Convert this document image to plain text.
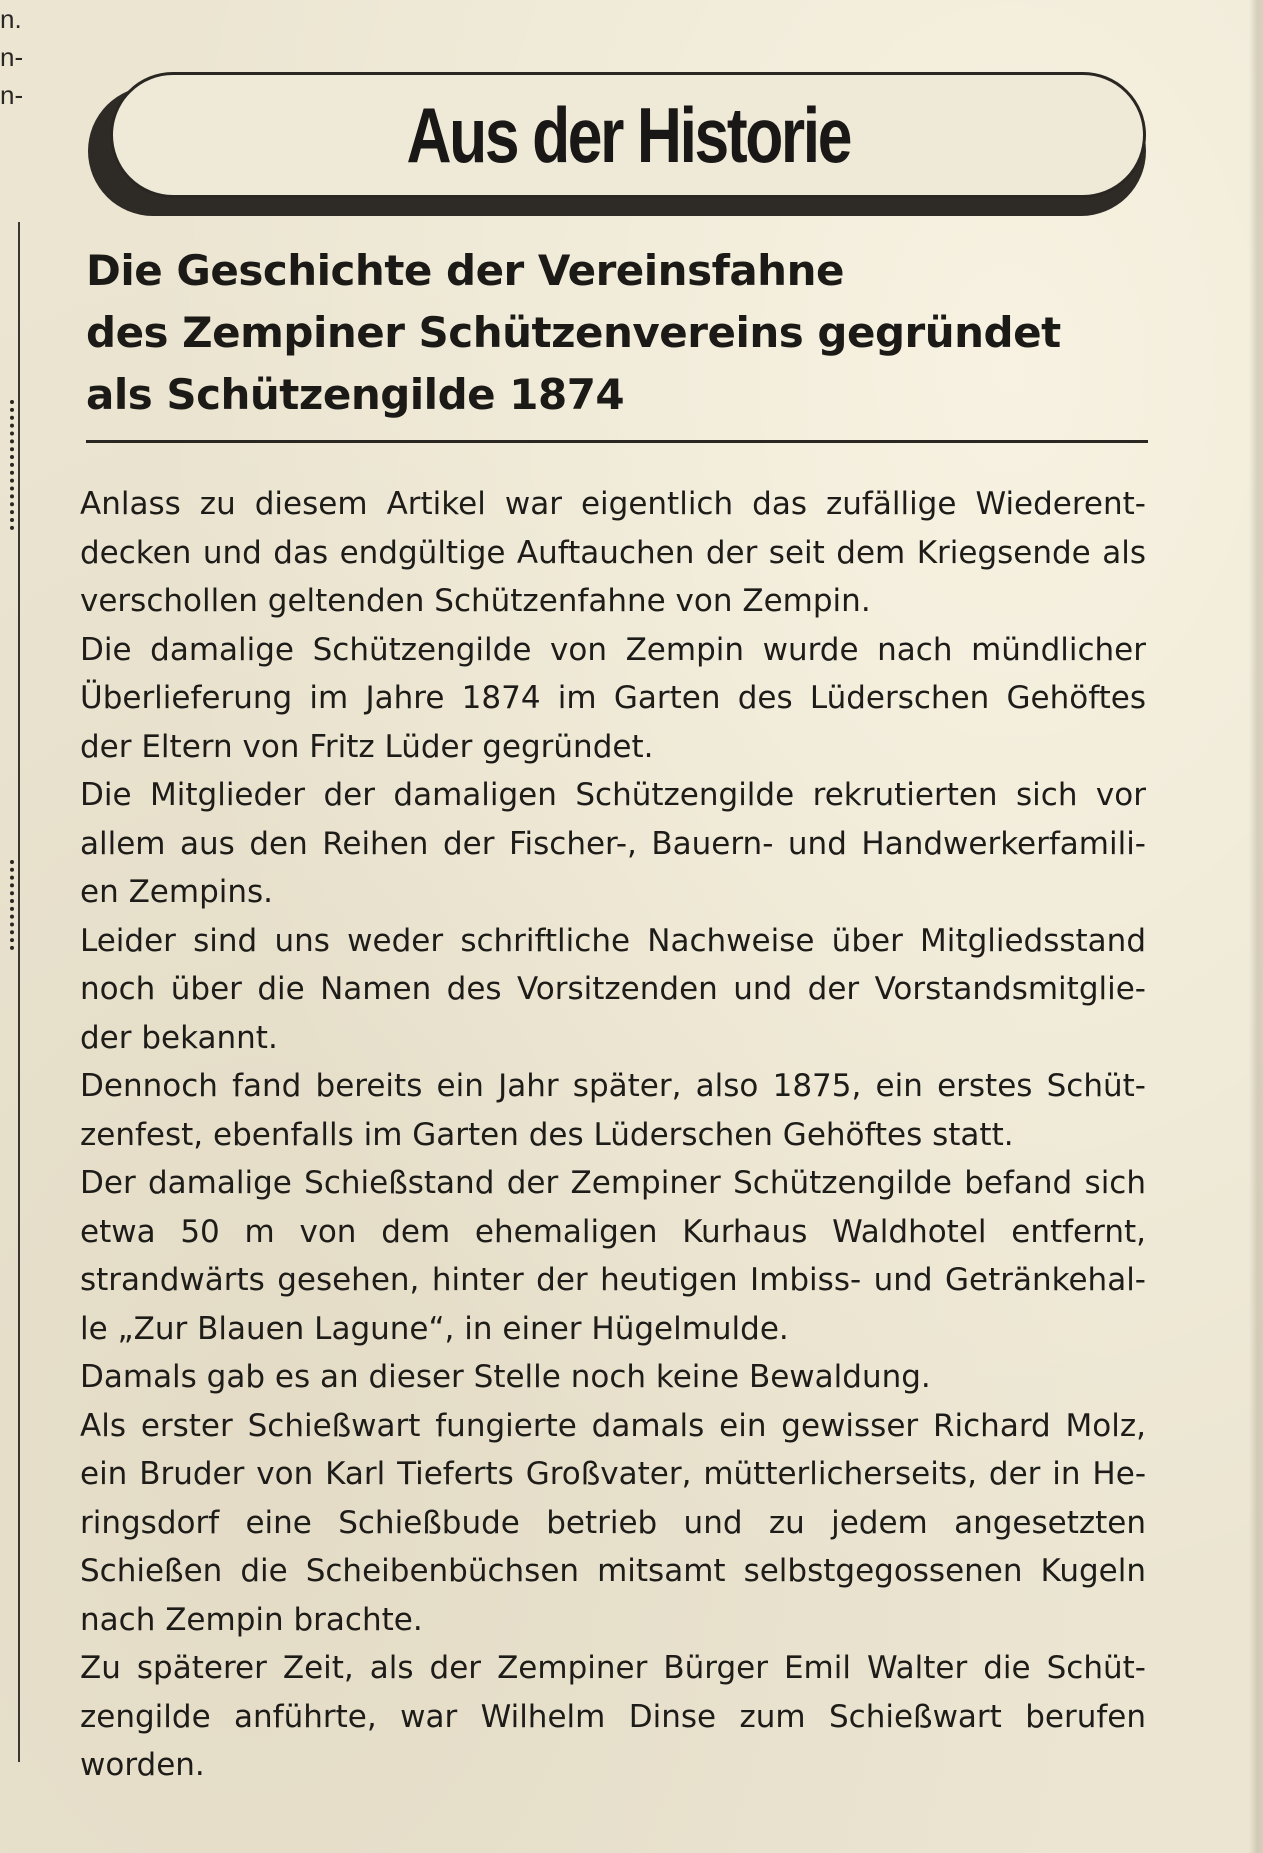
n.
n-
n-	Aus der Historie
Die Geschichte der Vereinsfahne
des Zempiner Schützenvereins gegründet
als Schützengilde 1874
Anlass zu diesem Artikel war eigentlich das zufällige Wiederent-
decken und das endgültige Auftauchen der seit dem Kriegsende als
verschollen geltenden Schützenfahne von Zempin.
Die damalige Schützengilde von Zempin wurde nach mündlicher
Überlieferung im Jahre 1874 im Garten des Lüderschen Gehöftes
der Eltern von Fritz Lüder gegründet.
Die Mitglieder der damaligen Schützengilde rekrutierten sich vor
allem aus den Reihen der Fischer-, Bauern- und Handwerkerfamili-
en Zempins.
Leider sind uns weder schriftliche Nachweise über Mitgliedsstand
noch über die Namen des Vorsitzenden und der Vorstandsmitglie-
der bekannt.
Dennoch fand bereits ein Jahr später, also 1875, ein erstes Schüt-
zenfest, ebenfalls im Garten des Lüderschen Gehöftes statt.
Der damalige Schießstand der Zempiner Schützengilde befand sich
etwa 50 m von dem ehemaligen Kurhaus Waldhotel entfernt,
strandwärts gesehen, hinter der heutigen Imbiss- und Getränkehal-
le „Zur Blauen Lagune“, in einer Hügelmulde.
Damals gab es an dieser Stelle noch keine Bewaldung.
Als erster Schießwart fungierte damals ein gewisser Richard Molz,
ein Bruder von Karl Tieferts Großvater, mütterlicherseits, der in He-
ringsdorf eine Schießbude betrieb und zu jedem angesetzten
Schießen die Scheibenbüchsen mitsamt selbstgegossenen Kugeln
nach Zempin brachte.
Zu späterer Zeit, als der Zempiner Bürger Emil Walter die Schüt-
zengilde anführte, war Wilhelm Dinse zum Schießwart berufen
worden.
